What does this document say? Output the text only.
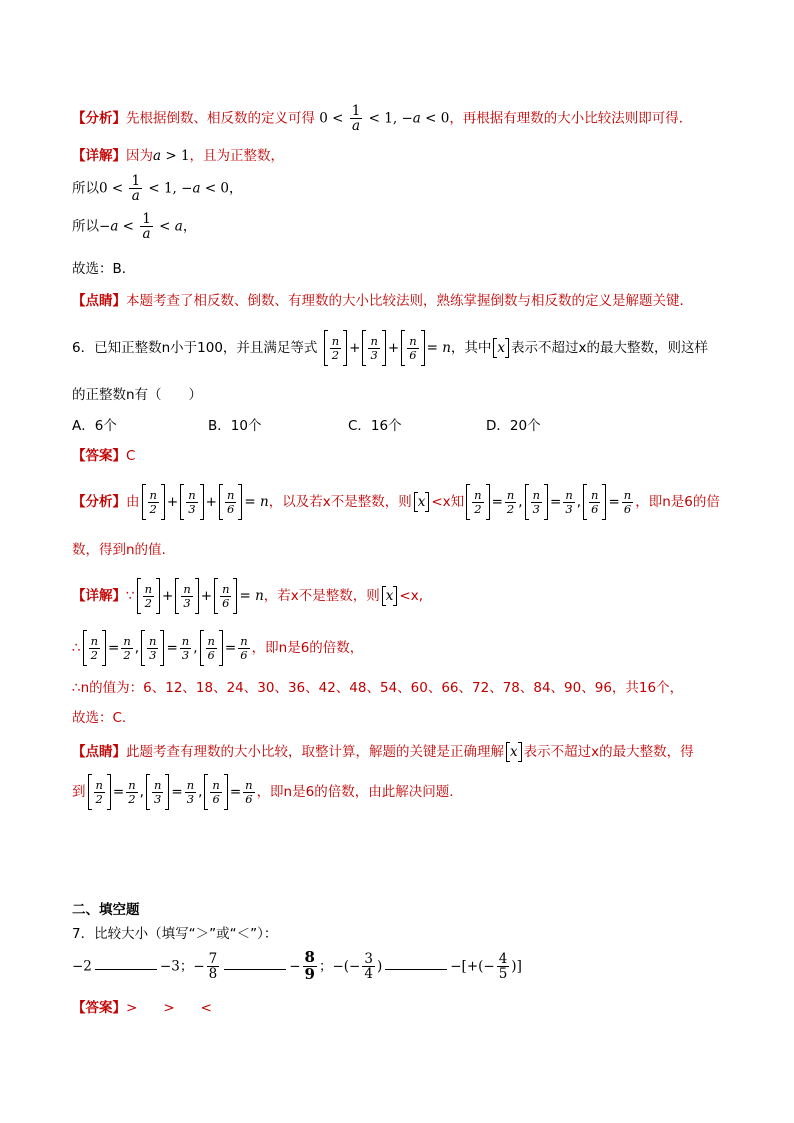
【分析】先根据倒数、相反数的定义可得 $0 < \frac{1}{a} < 1$, −a < 0，再根据有理数的大小比较法则即可得．
【详解】因为a > 1，且为正整数，
所以$0 < \frac{1}{a} < 1$, −a < 0，
所以$-a < \frac{1}{a} < a$，
故选：B．
【点睛】本题考查了相反数、倒数、有理数的大小比较法则，熟练掌握倒数与相反数的定义是解题关键．
6．已知正整数n小于100，并且满足等式 $\frac{n}{2} + \frac{n}{3} + \frac{n}{6} = n$，其中 x 表示不超过x的最大整数，则这样
的正整数n有（　　）
A．6个	B．10个	C．16个	D．20个
【答案】C
【分析】由 $\frac{n}{2} + \frac{n}{3} + \frac{n}{6} = n$，以及若x不是整数，则 x <x知 $\frac{n}{2} = \frac{n}{2}$ , $\frac{n}{3} = \frac{n}{3}$ , $\frac{n}{6} = \frac{n}{6}$ ，即n是6的倍
数，得到n的值.
【详解】∵ $\frac{n}{2} + \frac{n}{3} + \frac{n}{6} = n$，若x不是整数，则 x <x,
∴ $\frac{n}{2} = \frac{n}{2}$ , $\frac{n}{3} = \frac{n}{3}$ , $\frac{n}{6} = \frac{n}{6}$ ，即n是6的倍数，
∴n的值为：6、12、18、24、30、36、42、48、54、60、66、72、78、84、90、96，共16个，
故选：C.
【点睛】此题考查有理数的大小比较，取整计算，解题的关键是正确理解 x 表示不超过x的最大整数，得
到 $\frac{n}{2} = \frac{n}{2}$ , $\frac{n}{3} = \frac{n}{3}$ , $\frac{n}{6} = \frac{n}{6}$ ，即n是6的倍数，由此解决问题.
二、填空题
7．比较大小（填写“＞”或“＜”）：
−2	−3；− $\frac{7}{8}$	− $\frac{8}{9}$ ；−(− $\frac{3}{4}$ )	−[+(− $\frac{4}{5}$ )]
【答案】> > <
